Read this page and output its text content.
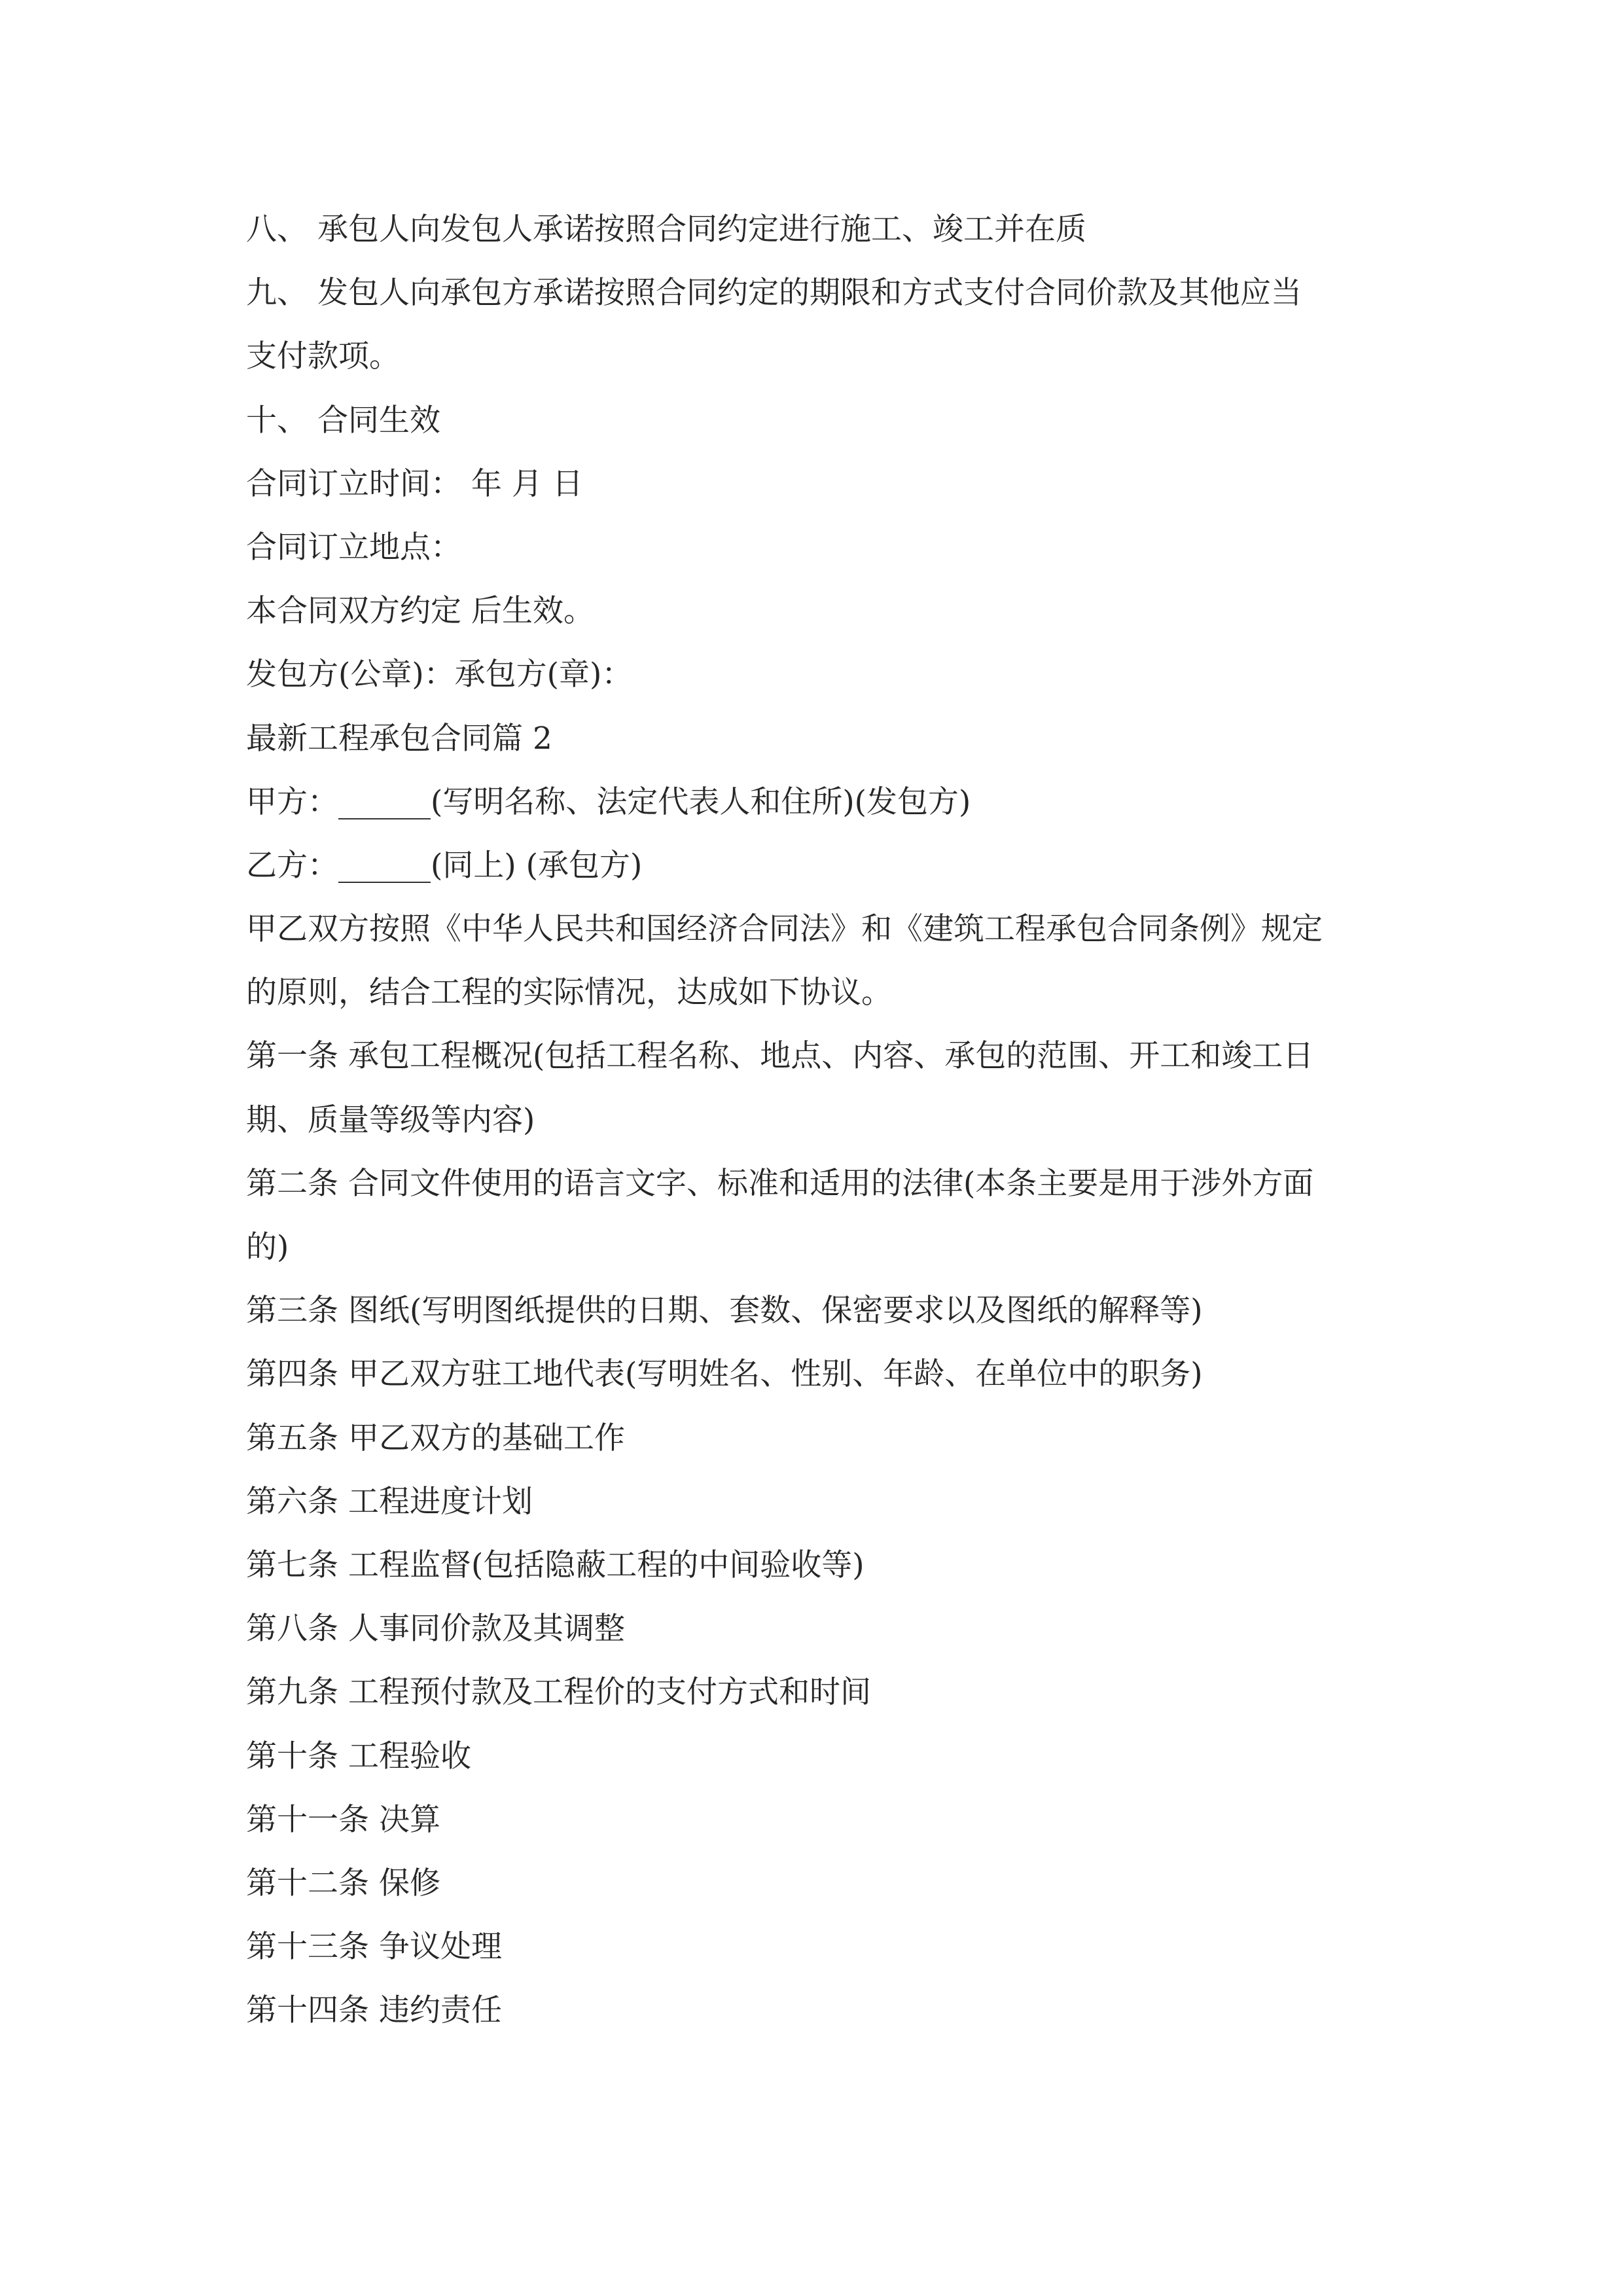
八、 承包人向发包人承诺按照合同约定进行施工、竣工并在质
九、 发包人向承包方承诺按照合同约定的期限和方式支付合同价款及其他应当
支付款项。
十、 合同生效
合同订立时间： 年 月 日
合同订立地点：
本合同双方约定 后生效。
发包方(公章)：承包方(章)：
最新工程承包合同篇 2
甲方：______(写明名称、法定代表人和住所)(发包方)
乙方：______(同上) (承包方)
甲乙双方按照《中华人民共和国经济合同法》和《建筑工程承包合同条例》规定
的原则，结合工程的实际情况，达成如下协议。
第一条 承包工程概况(包括工程名称、地点、内容、承包的范围、开工和竣工日
期、质量等级等内容)
第二条 合同文件使用的语言文字、标准和适用的法律(本条主要是用于涉外方面
的)
第三条 图纸(写明图纸提供的日期、套数、保密要求以及图纸的解释等)
第四条 甲乙双方驻工地代表(写明姓名、性别、年龄、在单位中的职务)
第五条 甲乙双方的基础工作
第六条 工程进度计划
第七条 工程监督(包括隐蔽工程的中间验收等)
第八条 人事同价款及其调整
第九条 工程预付款及工程价的支付方式和时间
第十条 工程验收
第十一条 决算
第十二条 保修
第十三条 争议处理
第十四条 违约责任
